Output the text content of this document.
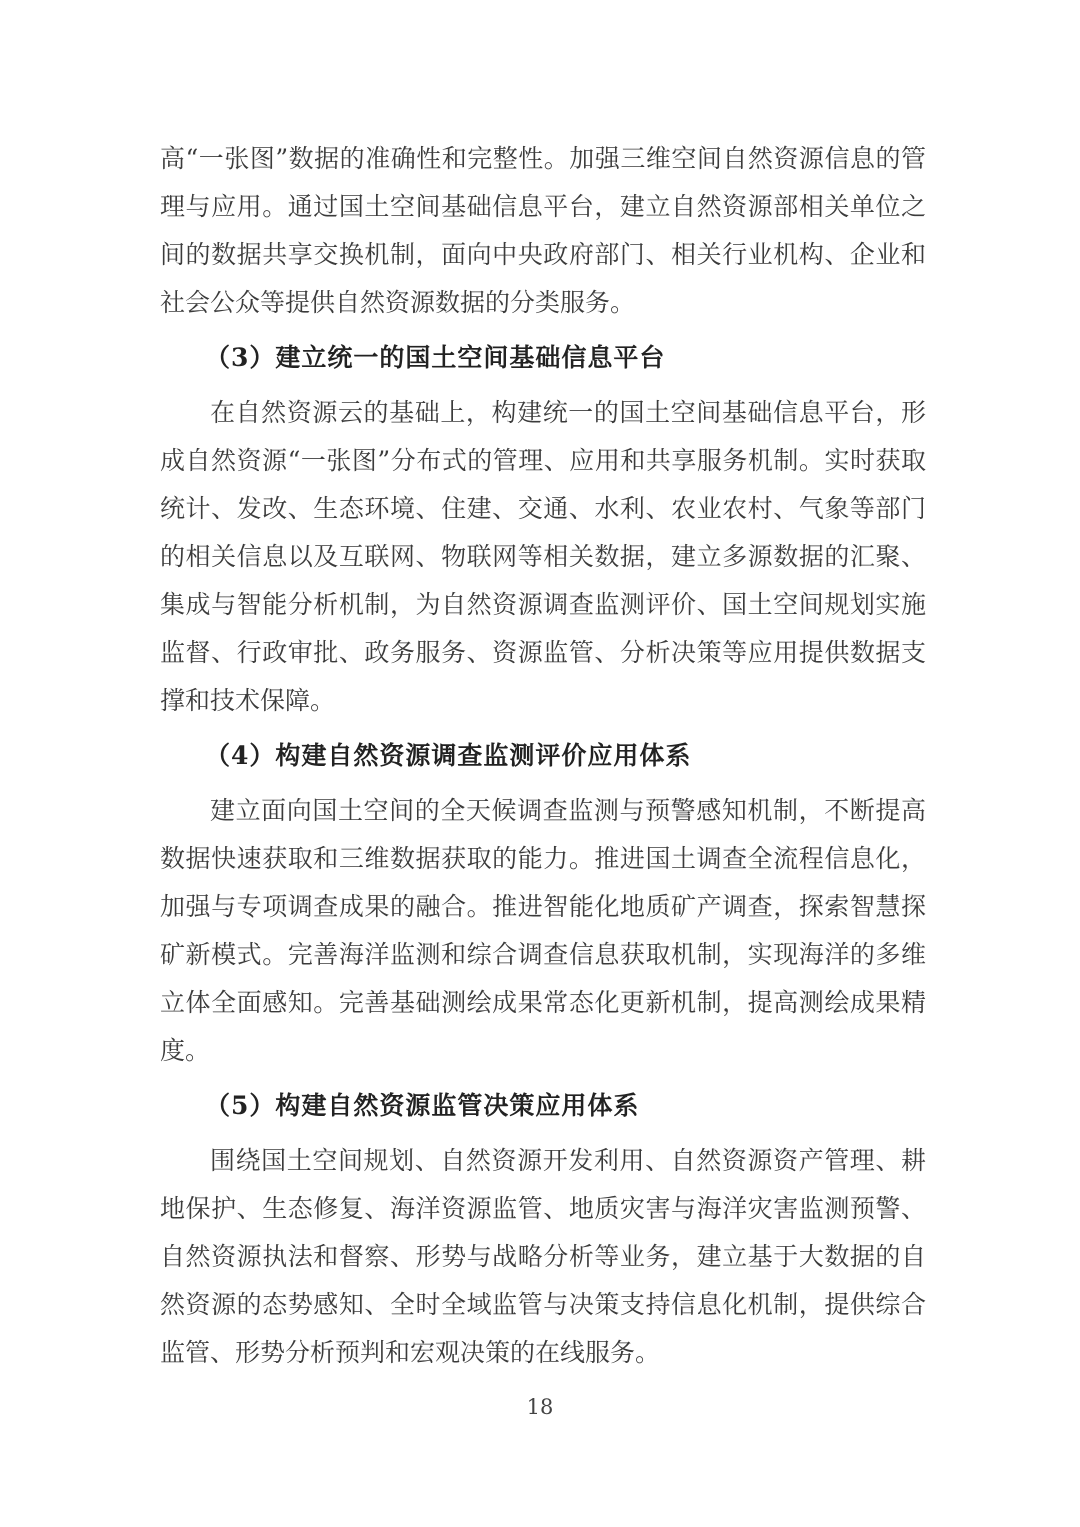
高“一张图”数据的准确性和完整性。加强三维空间自然资源信息的管理与应用。通过国土空间基础信息平台，建立自然资源部相关单位之间的数据共享交换机制，面向中央政府部门、相关行业机构、企业和社会公众等提供自然资源数据的分类服务。

（3）建立统一的国土空间基础信息平台

在自然资源云的基础上，构建统一的国土空间基础信息平台，形成自然资源“一张图”分布式的管理、应用和共享服务机制。实时获取统计、发改、生态环境、住建、交通、水利、农业农村、气象等部门的相关信息以及互联网、物联网等相关数据，建立多源数据的汇聚、集成与智能分析机制，为自然资源调查监测评价、国土空间规划实施监督、行政审批、政务服务、资源监管、分析决策等应用提供数据支撑和技术保障。

（4）构建自然资源调查监测评价应用体系

建立面向国土空间的全天候调查监测与预警感知机制，不断提高数据快速获取和三维数据获取的能力。推进国土调查全流程信息化，加强与专项调查成果的融合。推进智能化地质矿产调查，探索智慧探矿新模式。完善海洋监测和综合调查信息获取机制，实现海洋的多维立体全面感知。完善基础测绘成果常态化更新机制，提高测绘成果精度。

（5）构建自然资源监管决策应用体系

围绕国土空间规划、自然资源开发利用、自然资源资产管理、耕地保护、生态修复、海洋资源监管、地质灾害与海洋灾害监测预警、自然资源执法和督察、形势与战略分析等业务，建立基于大数据的自然资源的态势感知、全时全域监管与决策支持信息化机制，提供综合监管、形势分析预判和宏观决策的在线服务。

18
